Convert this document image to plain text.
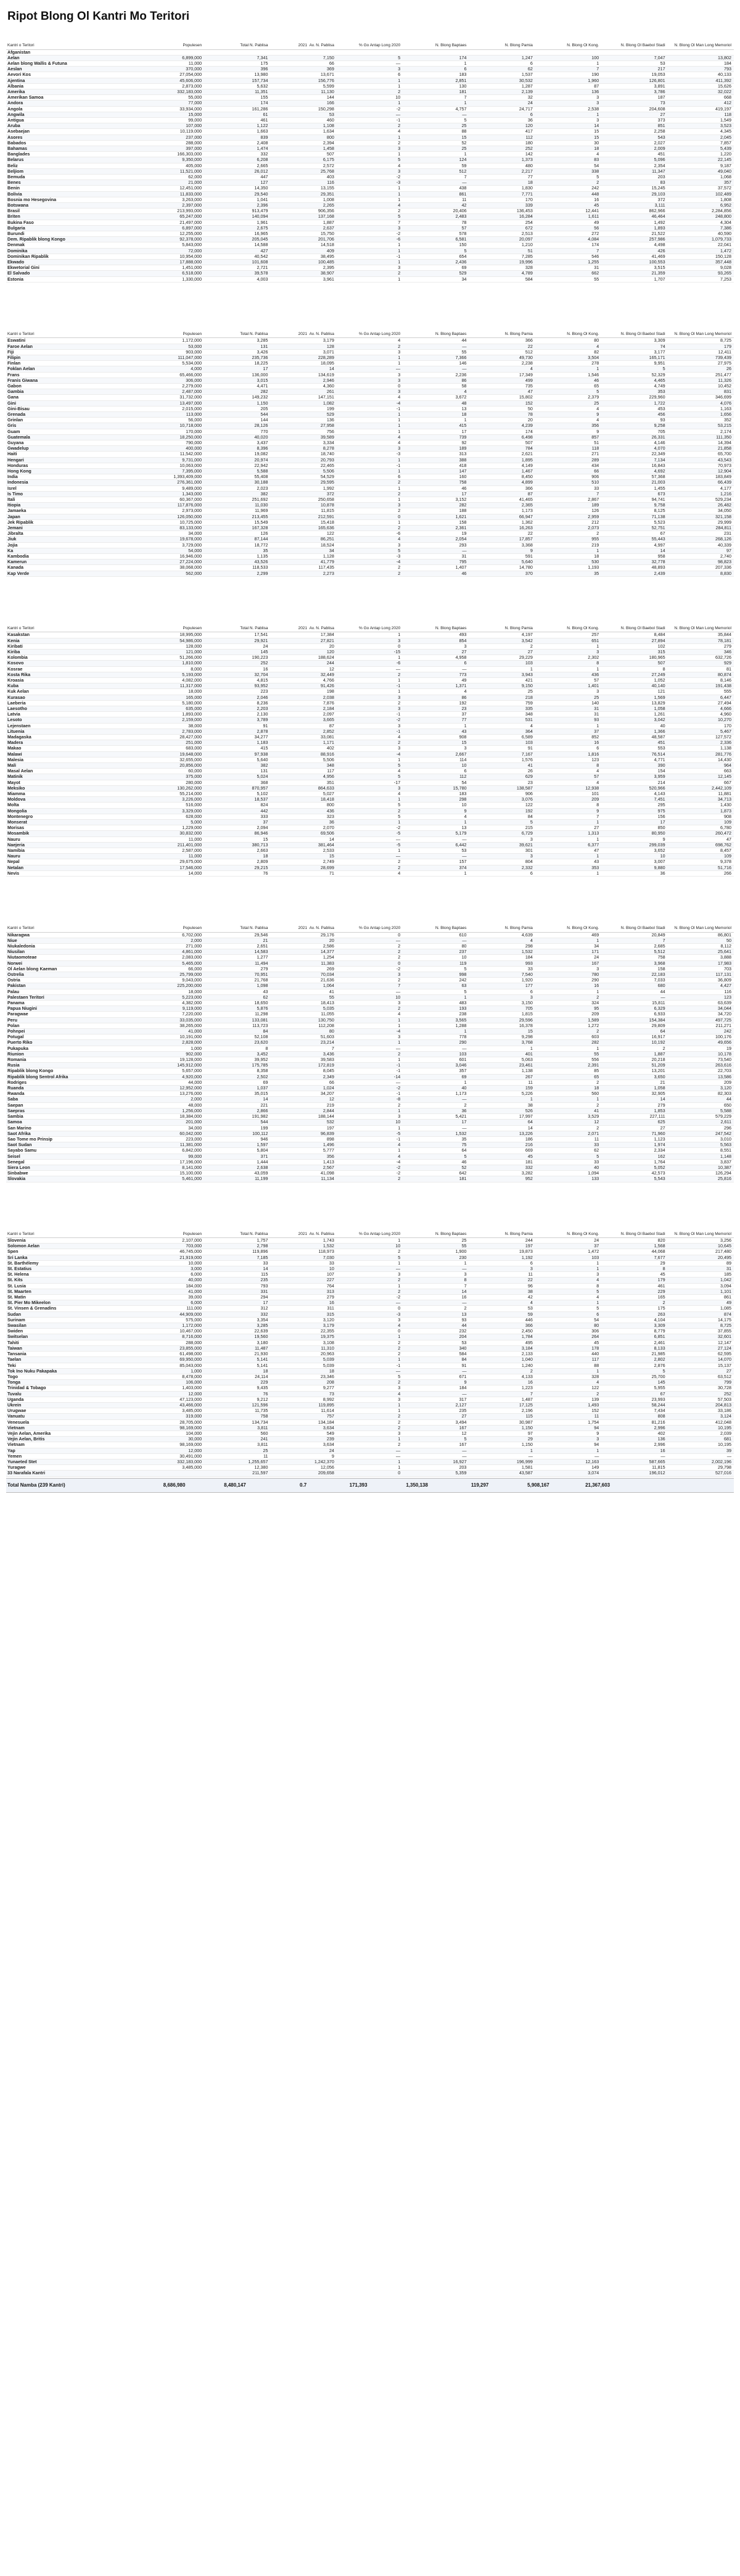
Ripot Blong Ol Kantri Mo Teritori
Kantri o Teritori	Populesen	Total N. Pablisa	2021  Av. N. Pablisa	% Go Antap Long 2020	N. Blong Baptaes	N. Blong Pamia	N. Blong Ol Kong.	N. Blong Ol Baebol Stadi	N. Blong Ol Man Long Memoriol
Afganistan									
Aelan	6,899,000	7,341	7,150	5	174	1,247	100	7,047	13,802
Aelan blong Wallis & Futuna	11,000	175	66	—	1	6	1	53	184
Aeslan	370,000	396	369	3	6	62	7	217	793
Aevori Kos	27,054,000	13,980	13,671	6	183	1,537	190	19,053	40,133
Ajentina	45,606,000	157,734	156,776	1	2,851	30,532	1,960	126,801	411,392
Albania	2,873,000	5,632	5,599	1	130	1,287	87	3,891	15,626
Amerika	332,183,000	11,351	11,130	2	181	2,139	136	3,786	32,022
Amerikan Samoa	55,000	155	144	10	7	32	3	187	668
Andora	77,000	174	166	1	1	24	3	73	412
Angola	33,934,000	161,286	150,298	-2	4,757	24,717	2,538	204,608	419,197
Angwila	15,000	61	53	—	—	6	1	27	118
Antigua	99,000	461	460	-1	5	36	3	373	1,549
Aruba	107,000	1,122	1,108	2	25	120	14	851	3,523
Asebaejan	10,119,000	1,663	1,634	4	88	417	15	2,258	4,345
Asores	237,000	839	800	1	15	112	15	543	2,045
Babados	288,000	2,408	2,394	2	52	180	30	2,027	7,857
Bahamas	397,000	1,474	1,458	3	25	252	18	2,009	5,439
Banglades	166,303,000	332	507	1	1	142	4	451	1,220
Belarus	9,350,000	6,208	6,175	5	124	1,373	83	5,096	22,145
Beliz	405,000	2,665	2,572	4	59	480	54	2,354	9,187
Beljiom	11,521,000	26,012	25,768	3	512	2,217	338	11,347	49,040
Bemuda	62,000	447	403	-2	7	77	5	203	1,068
Benes	21,000	127	116	-3	—	18	2	83	357
Benin	12,451,000	14,350	13,155	1	438	1,830	242	15,245	37,572
Bolivia	11,833,000	29,540	29,351	1	861	7,771	448	29,103	102,489
Bosnia mo Hesegovina	3,263,000	1,041	1,008	1	11	170	16	372	1,808
Botswana	2,397,000	2,396	2,265	4	42	339	45	3,111	6,952
Brasil	213,993,000	913,479	906,356	2	20,406	136,453	12,441	862,966	2,284,856
Briten	65,247,000	140,094	137,168	5	2,483	16,284	1,611	46,464	248,800
Bukina Faso	21,497,000	1,961	1,887	7	78	254	49	1,492	4,304
Bulgaria	6,897,000	2,675	2,637	3	57	672	56	1,893	7,386
Burundi	12,255,000	16,965	15,750	-2	578	2,513	272	21,522	40,590
Dem. Ripablik blong Kongo	92,378,000	205,045	201,706	-6	6,581	20,097	4,084	257,986	1,079,733
Denmak	5,843,000	14,588	14,518	1	150	1,210	174	4,498	22,041
Dominika	72,000	427	409	1	5	51	7	426	1,472
Dominikan Ripablik	10,954,000	40,542	38,495	-1	654	7,285	546	41,469	150,128
Ekwado	17,888,000	101,608	100,485	1	2,436	19,996	1,255	100,553	357,448
Ekwetorial Gini	1,451,000	2,721	2,395	3	69	328	31	3,515	9,028
El Salvado	6,518,000	39,578	38,907	2	529	4,789	662	21,359	93,265
Estonia	1,330,000	4,003	3,961	1	34	584	55	1,707	7,253
Kantri o Teritori	Populesen	Total N. Pablisa	2021  Av. N. Pablisa	% Go Antap Long 2020	N. Blong Baptaes	N. Blong Pamia	N. Blong Ol Kong.	N. Blong Ol Baebol Stadi	N. Blong Ol Man Long Memoriol
Eswatini	1,172,000	3,285	3,179	4	44	366	80	3,309	8,725
Faroe Aelan	53,000	131	128	2	—	22	4	74	179
Fiji	903,000	3,426	3,071	3	55	512	82	3,177	12,411
Filipin	111,047,000	235,736	228,289	1	7,366	49,730	3,504	165,171	739,439
Finlan	5,534,000	18,225	18,095	1	146	2,238	278	9,951	27,975
Foklan Aelan	4,000	17	14	—	—	4	1	5	26
Frans	65,466,000	136,000	134,619	3	2,236	17,349	1,546	52,329	251,477
Franis Giwana	306,000	3,015	2,946	3	86	499	46	4,465	11,326
Gabon	2,279,000	4,471	4,360	0	58	735	65	4,749	10,452
Gambia	2,487,000	282	261	3	4	47	5	353	831
Gana	31,732,000	149,232	147,151	4	3,672	15,802	2,379	229,960	346,699
Gini	13,497,000	1,150	1,082	-4	48	152	25	1,722	4,076
Gini-Bisau	2,015,000	205	199	-1	13	50	4	453	1,163
Grenada	113,000	544	529	1	18	78	9	456	1,656
Grinlan	56,000	144	136	1	1	20	4	93	352
Gris	10,718,000	28,126	27,958	1	415	4,239	356	9,258	53,215
Guam	170,000	770	756	1	17	174	9	705	2,174
Guatemala	18,250,000	40,020	39,589	4	739	6,498	857	26,331	111,350
Guyana	790,000	3,437	3,334	4	92	507	51	4,146	14,394
Gwadelup	400,000	8,396	8,278	3	189	784	118	4,070	21,858
Haiti	11,542,000	19,082	18,740	-3	313	2,621	271	22,349	65,700
Hengari	9,731,000	20,974	20,793	1	388	1,895	289	7,134	43,543
Honduras	10,063,000	22,942	22,465	-1	418	4,149	434	16,843	70,973
Hong Kong	7,395,000	5,588	5,506	1	147	1,467	66	4,692	12,904
India	1,393,409,000	55,408	54,529	6	160	8,450	906	57,368	183,849
Indonesia	276,361,000	30,188	29,595	2	758	4,899	510	21,003	66,439
Isrel	9,489,000	2,023	1,992	1	46	366	33	1,455	4,177
Is Timo	1,343,000	382	372	2	17	87	7	673	1,216
Itali	60,367,000	251,692	250,658	1	3,152	41,465	2,867	94,741	529,234
Itiopia	117,876,000	11,030	10,878	3	282	2,365	189	9,758	26,482
Jamaeka	2,973,000	11,969	11,815	2	188	1,173	126	8,125	34,050
Japan	126,050,000	213,455	212,591	0	1,621	66,947	2,959	71,138	321,158
Jek Ripablik	10,725,000	15,549	15,418	1	158	1,362	212	5,523	29,999
Jemani	83,133,000	167,328	165,636	2	2,361	16,263	2,073	52,751	284,811
Jibralta	34,000	126	122	-6	19	22	2	67	231
Jiuk	19,678,000	87,144	86,251	4	2,054	17,857	955	55,443	268,126
Jojia	3,729,000	18,772	18,524	3	293	3,368	219	4,997	40,339
Ka	54,000	35	34	5	—	9	1	14	97
Kambodia	16,946,000	1,135	1,128	-3	31	591	18	958	2,740
Kamerun	27,224,000	43,526	41,779	-4	795	5,640	530	32,778	98,823
Kanada	38,068,000	118,533	117,435	2	1,407	14,780	1,193	48,893	207,336
Kap Verde	562,000	2,299	2,273	2	46	370	35	2,439	8,830
Kantri o Teritori	Populesen	Total N. Pablisa	2021  Av. N. Pablisa	% Go Antap Long 2020	N. Blong Baptaes	N. Blong Pamia	N. Blong Ol Kong.	N. Blong Ol Baebol Stadi	N. Blong Ol Man Long Memoriol
Kasakstan	18,995,000	17,541	17,384	1	493	4,197	257	8,484	35,844
Kenia	54,986,000	29,921	27,821	3	854	3,542	651	27,894	78,181
Kiribati	128,000	24	20	0	3	2	1	102	279
Kiriba	121,000	145	120	-15	27	27	3	315	346
Kolombia	51,266,000	190,223	188,624	1	4,958	29,229	2,302	180,965	632,726
Kosovo	1,810,000	252	244	-6	6	103	8	507	929
Kosrae	8,000	16	12	—	—	1	1	8	81
Kosta Rika	5,193,000	32,704	32,449	2	773	3,943	436	27,249	80,874
Kroasia	4,082,000	4,815	4,766	1	49	421	57	1,052	8,146
Kuba	11,317,000	93,952	91,426	-1	1,371	9,150	1,401	40,140	191,438
Kuk Aelan	18,000	223	198	1	4	25	3	121	555
Kurasao	165,000	2,046	2,038	3	86	218	25	1,569	6,447
Laeberia	5,180,000	8,236	7,876	2	192	759	140	13,829	27,494
Laesotho	635,000	2,203	2,184	3	23	335	31	1,058	4,666
Latvia	1,893,000	2,130	2,097	-1	37	348	31	1,261	4,960
Lesoto	2,159,000	3,789	3,665	-2	77	531	93	3,042	10,270
Lejenstaen	38,000	91	87	3	1	4	1	40	170
Lituenia	2,783,000	2,878	2,852	-1	43	364	37	1,366	5,467
Madagaska	28,427,000	34,277	33,081	4	908	6,589	852	48,587	127,572
Madera	251,000	1,183	1,171	2	15	103	16	451	2,336
Makao	683,000	415	402	3	3	91	6	553	1,138
Malawi	19,648,000	97,938	88,916	-4	2,667	7,167	1,816	76,514	281,776
Malesia	32,655,000	5,640	5,506	1	114	1,576	123	4,771	14,430
Mali	20,856,000	382	348	5	10	41	8	390	964
Masal Aelan	60,000	131	117	4	6	26	4	154	663
Matinik	375,000	5,024	4,956	5	112	629	57	3,959	12,145
Mayot	280,000	368	351	-17	54	23	4	214	667
Meksiko	130,262,000	870,957	864,633	3	15,780	138,587	12,938	520,966	2,442,109
Miamma	55,214,000	5,102	5,027	4	183	906	101	4,143	11,881
Moldova	3,226,000	18,537	18,418	1	298	3,076	209	7,451	34,713
Molta	516,000	824	800	5	10	122	8	295	1,430
Mongolia	3,329,000	442	436	2	9	192	9	975	1,873
Montenegro	628,000	333	323	5	4	84	7	156	908
Monserat	5,000	37	36	1	1	5	1	17	109
Morisas	1,229,000	2,094	2,070	-2	13	215	27	850	6,780
Mosambik	30,832,000	86,946	69,506	-5	5,179	6,729	1,313	80,950	260,472
Nauru	11,000	15	14	—	—	3	1	9	47
Naejeria	211,401,000	380,713	381,464	-5	6,442	39,621	6,377	299,039	698,762
Namibia	2,587,000	2,663	2,533	1	53	301	47	3,652	8,457
Nauru	11,000	18	15	—	—	3	1	10	109
Nepal	29,675,000	2,809	2,749	2	157	804	43	3,007	9,378
Netalan	17,546,000	29,215	28,699	2	374	2,332	353	9,880	51,716
Nevis	14,000	76	71	4	1	6	1	36	266
Kantri o Teritori	Populesen	Total N. Pablisa	2021  Av. N. Pablisa	% Go Antap Long 2020	N. Blong Baptaes	N. Blong Pamia	N. Blong Ol Kong.	N. Blong Ol Baebol Stadi	N. Blong Ol Man Long Memoriol
Nikaragwa	6,702,000	29,546	29,176	0	610	4,639	469	20,849	86,801
Niue	2,000	21	20	—	—	4	1	7	50
Niukaledonia	271,000	2,651	2,586	2	80	298	34	2,685	8,112
Niusilan	4,861,000	14,583	14,377	2	237	1,532	171	5,512	25,641
Niutaomoteae	2,083,000	1,277	1,254	2	10	184	24	758	3,888
Norwei	5,465,000	11,494	11,383	0	119	993	167	3,968	17,983
Ol Aelan blong Kaeman	66,000	279	269	-2	5	33	3	158	703
Ostrelia	25,799,000	70,951	70,034	3	998	7,540	780	22,183	117,131
Ostria	9,043,000	21,768	21,636	2	242	1,920	290	7,033	36,809
Pakistan	225,200,000	1,098	1,064	7	63	177	16	680	4,427
Palau	18,000	43	41	—	5	6	1	44	116
Palestaen Teritori	5,223,000	62	55	10	1	3	2	—	123
Panama	4,382,000	18,650	18,413	3	483	3,150	324	15,811	63,639
Papua Niugini	9,119,000	5,876	5,035	2	193	705	95	6,329	34,044
Paragwae	7,220,000	11,298	11,055	4	238	1,815	209	6,933	34,720
Peru	33,035,000	133,081	130,750	1	3,565	29,596	1,589	154,384	497,725
Polan	38,265,000	113,723	112,208	1	1,288	16,378	1,272	29,809	211,271
Pohnpei	41,000	84	80	-4	1	15	2	64	242
Potugal	10,191,000	52,108	51,603	3	778	9,298	603	16,917	100,176
Puerto Riko	2,828,000	23,620	23,214	1	290	3,768	282	10,192	49,656
Pukapuka	1,000	8	7	—	—	1	1	2	19
Riunion	902,000	3,452	3,436	2	103	401	55	1,887	10,178
Romania	19,128,000	39,952	39,583	1	601	5,063	556	20,218	73,540
Rusia	145,912,000	175,785	172,819	-1	3,046	23,461	2,391	51,209	263,616
Ripablik blong Kongo	5,657,000	8,358	8,045	-1	357	1,138	85	13,201	22,703
Ripablik blong Sentrol Afrika	4,920,000	2,502	2,349	-14	69	267	65	3,650	13,586
Rodriges	44,000	69	66	—	1	11	2	21	209
Ruanda	12,952,000	1,037	1,024	-2	40	159	18	1,058	3,120
Rwanda	13,276,000	35,015	34,207	-1	1,173	5,226	560	32,905	82,303
Saba	2,000	14	12	-8	—	1	1	14	44
Saepan	48,000	221	219	2	2	38	2	279	650
Saepras	1,256,000	2,866	2,844	1	36	526	41	1,853	5,588
Sambia	18,384,000	191,982	188,144	3	5,421	17,997	3,529	227,111	579,229
Samoa	201,000	544	532	10	17	64	12	625	2,611
San Marino	34,000	199	197	1	—	14	2	27	296
Saot Afrika	60,042,000	100,112	96,839	-5	1,532	13,226	2,071	71,960	247,542
Sao Tome mo Prinsip	223,000	946	898	-1	35	186	11	1,123	3,010
Saot Sudan	11,381,000	1,597	1,496	4	75	216	33	1,974	5,563
Sayabo Samu	6,842,000	5,804	5,777	1	64	669	62	2,334	8,551
Seisel	99,000	371	356	4	5	45	5	162	1,148
Senegal	17,196,000	1,444	1,413	-4	46	181	33	1,764	3,837
Siera Leon	8,141,000	2,638	2,567	-2	52	332	40	5,052	10,387
Sinbabwe	15,100,000	43,059	41,098	-2	642	3,282	1,094	42,573	126,294
Slovakia	5,461,000	11,199	11,134	2	181	952	133	5,543	25,816
Kantri o Teritori	Populesen	Total N. Pablisa	2021  Av. N. Pablisa	% Go Antap Long 2020	N. Blong Baptaes	N. Blong Pamia	N. Blong Ol Kong.	N. Blong Ol Baebol Stadi	N. Blong Ol Man Long Memoriol
Slovenia	2,107,000	1,757	1,743	1	25	244	24	820	3,256
Solomon Aelan	703,000	2,798	1,532	10	55	197	37	1,568	10,645
Spen	46,745,000	119,896	118,973	2	1,900	19,873	1,472	44,068	217,480
Sri Lanka	21,919,000	7,185	7,030	5	230	1,192	103	7,677	20,495
St. Barthélemy	10,000	33	33	1	1	6	1	29	89
St. Estatius	3,000	14	10	—	—	3	1	8	31
St. Helena	6,000	115	107	3	3	11	3	45	185
St. Kits	40,000	235	227	2	8	22	4	179	1,042
St. Lusia	184,000	793	764	1	7	96	8	461	3,094
St. Maarten	41,000	331	313	2	14	38	5	229	1,101
St. Matin	39,000	294	279	-2	16	42	4	165	861
St. Pier Mo Mikeelon	6,000	17	16	—	—	4	1	2	49
St. Vinsen & Grenadins	111,000	312	311	0	2	53	5	175	1,085
Sudan	44,909,000	332	315	-3	13	59	6	263	874
Surinam	575,000	3,354	3,120	3	93	446	54	4,104	14,175
Swasilan	1,172,000	3,285	3,179	4	44	366	80	3,309	8,725
Swiden	10,467,000	22,639	22,355	0	232	2,450	306	8,779	37,855
Switselan	8,716,000	19,560	19,375	1	204	1,784	264	6,851	32,601
Tahiti	288,000	3,180	3,108	2	53	495	45	2,461	12,147
Taiwan	23,855,000	11,487	11,310	2	340	3,184	178	8,133	27,124
Tansania	61,498,000	21,930	20,963	2	584	2,133	440	21,985	62,595
Taelan	69,950,000	5,141	5,039	1	84	1,040	117	2,802	14,070
Teki	85,043,000	5,141	5,039	-1	91	1,240	88	2,876	15,137
Tok Ino Nuku Pakapaka	1,000	18	18	—	—	2	1	5	27
Togo	8,478,000	24,114	23,346	5	671	4,133	328	25,700	63,512
Tonga	106,000	229	208	2	9	16	4	145	799
Trinidad & Tobago	1,403,000	9,435	9,277	3	184	1,223	122	5,955	30,728
Tuvalu	12,000	76	73	4	—	7	2	67	252
Uganda	47,123,000	9,212	8,992	3	317	1,487	139	23,993	57,503
Ukrein	43,466,000	121,596	119,895	1	2,127	17,125	1,493	58,244	204,813
Urugwae	3,485,000	11,735	11,614	1	235	2,196	152	7,434	33,186
Vanuatu	319,000	758	757	2	27	115	11	808	3,124
Venesuela	28,705,000	134,734	134,184	2	3,494	30,987	1,754	81,216	412,048
Vietnam	98,169,000	3,811	3,634	2	167	1,150	94	2,996	10,195
Vejin Aelan, Amerika	104,000	560	549	3	12	97	9	402	2,039
Vejin Aelan, Britis	30,000	241	239	1	5	29	3	136	681
Vietnam	98,169,000	3,811	3,634	2	167	1,150	94	2,996	10,195
Yap	12,000	25	24	—	—	1	1	16	39
Yemen	30,491,000	11	9	—	—	—	—	—	—
Yunaeted Stet	332,183,000	1,255,657	1,242,370	1	16,927	196,999	12,163	587,665	2,002,196
Yuragwe	3,485,000	12,380	12,056	1	203	1,581	149	11,815	29,798
33 Narafala Kantri		211,597	209,658	0	5,359	43,587	3,074	196,012	527,016
Total Namba (239 Kantri)	8,686,980	8,480,147	0.7	171,393	1,350,138	119,297	5,908,167	21,367,603
